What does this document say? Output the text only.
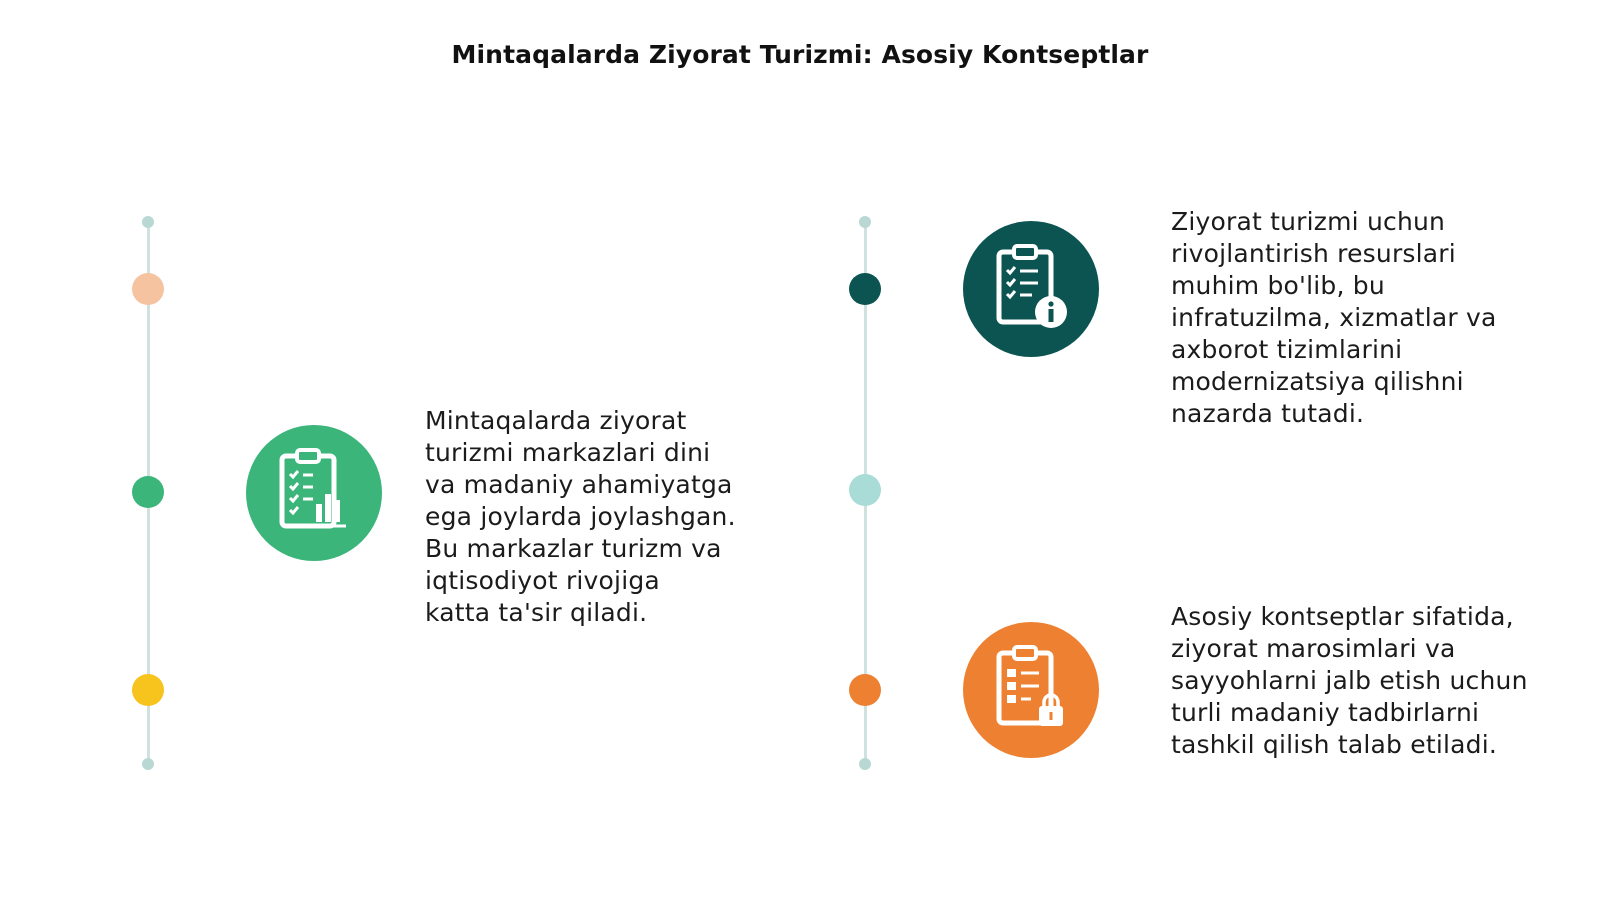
Mintaqalarda Ziyorat Turizmi: Asosiy Kontseptlar
Mintaqalarda ziyorat
turizmi markazlari dini
va madaniy ahamiyatga
ega joylarda joylashgan.
Bu markazlar turizm va
iqtisodiyot rivojiga
katta ta'sir qiladi.
Ziyorat turizmi uchun
rivojlantirish resurslari
muhim bo'lib, bu
infratuzilma, xizmatlar va
axborot tizimlarini
modernizatsiya qilishni
nazarda tutadi.
Asosiy kontseptlar sifatida,
ziyorat marosimlari va
sayyohlarni jalb etish uchun
turli madaniy tadbirlarni
tashkil qilish talab etiladi.
